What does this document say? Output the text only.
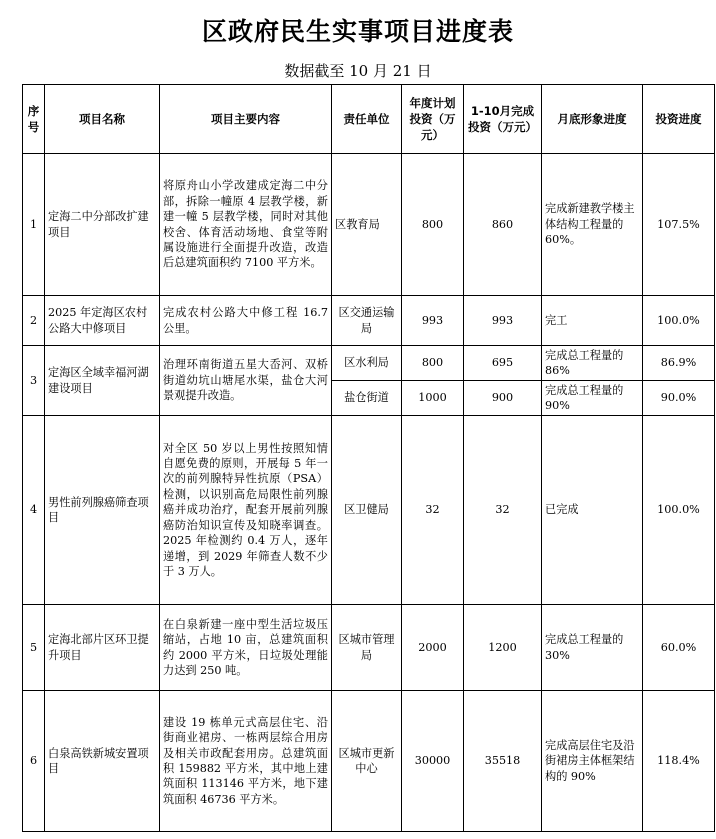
区政府民生实事项目进度表
数据截至 10 月 21 日
序号	项目名称	项目主要内容	责任单位	年度计划投资（万元）	1-10月完成投资（万元）	月底形象进度	投资进度
1	定海二中分部改扩建项目	将原舟山小学改建成定海二中分部，拆除一幢原 4 层教学楼，新建一幢 5 层教学楼，同时对其他校舍、体育活动场地、食堂等附属设施进行全面提升改造，改造后总建筑面积约 7100 平方米。	区教育局	800	860	完成新建教学楼主体结构工程量的 60%。	107.5%
2	2025 年定海区农村公路大中修项目	完成农村公路大中修工程 16.7 公里。	区交通运输局	993	993	完工	100.0%
3	定海区全域幸福河湖建设项目	治理环南街道五星大岙河、双桥街道幼坑山塘尾水渠，盐仓大河景观提升改造。	区水利局	800	695	完成总工程量的 86%	86.9%
			盐仓街道	1000	900	完成总工程量的 90%	90.0%
4	男性前列腺癌筛查项目	对全区 50 岁以上男性按照知情自愿免费的原则，开展每 5 年一次的前列腺特异性抗原（PSA）检测，以识别高危局限性前列腺癌并成功治疗，配套开展前列腺癌防治知识宣传及知晓率调查。2025 年检测约 0.4 万人，逐年递增，到 2029 年筛查人数不少于 3 万人。	区卫健局	32	32	已完成	100.0%
5	定海北部片区环卫提升项目	在白泉新建一座中型生活垃圾压缩站，占地 10 亩，总建筑面积约 2000 平方米，日垃圾处理能力达到 250 吨。	区城市管理局	2000	1200	完成总工程量的 30%	60.0%
6	白泉高铁新城安置项目	建设 19 栋单元式高层住宅、沿街商业裙房、一栋两层综合用房及相关市政配套用房。总建筑面积 159882 平方米，其中地上建筑面积 113146 平方米，地下建筑面积 46736 平方米。	区城市更新中心	30000	35518	完成高层住宅及沿街裙房主体框架结构的 90%	118.4%
